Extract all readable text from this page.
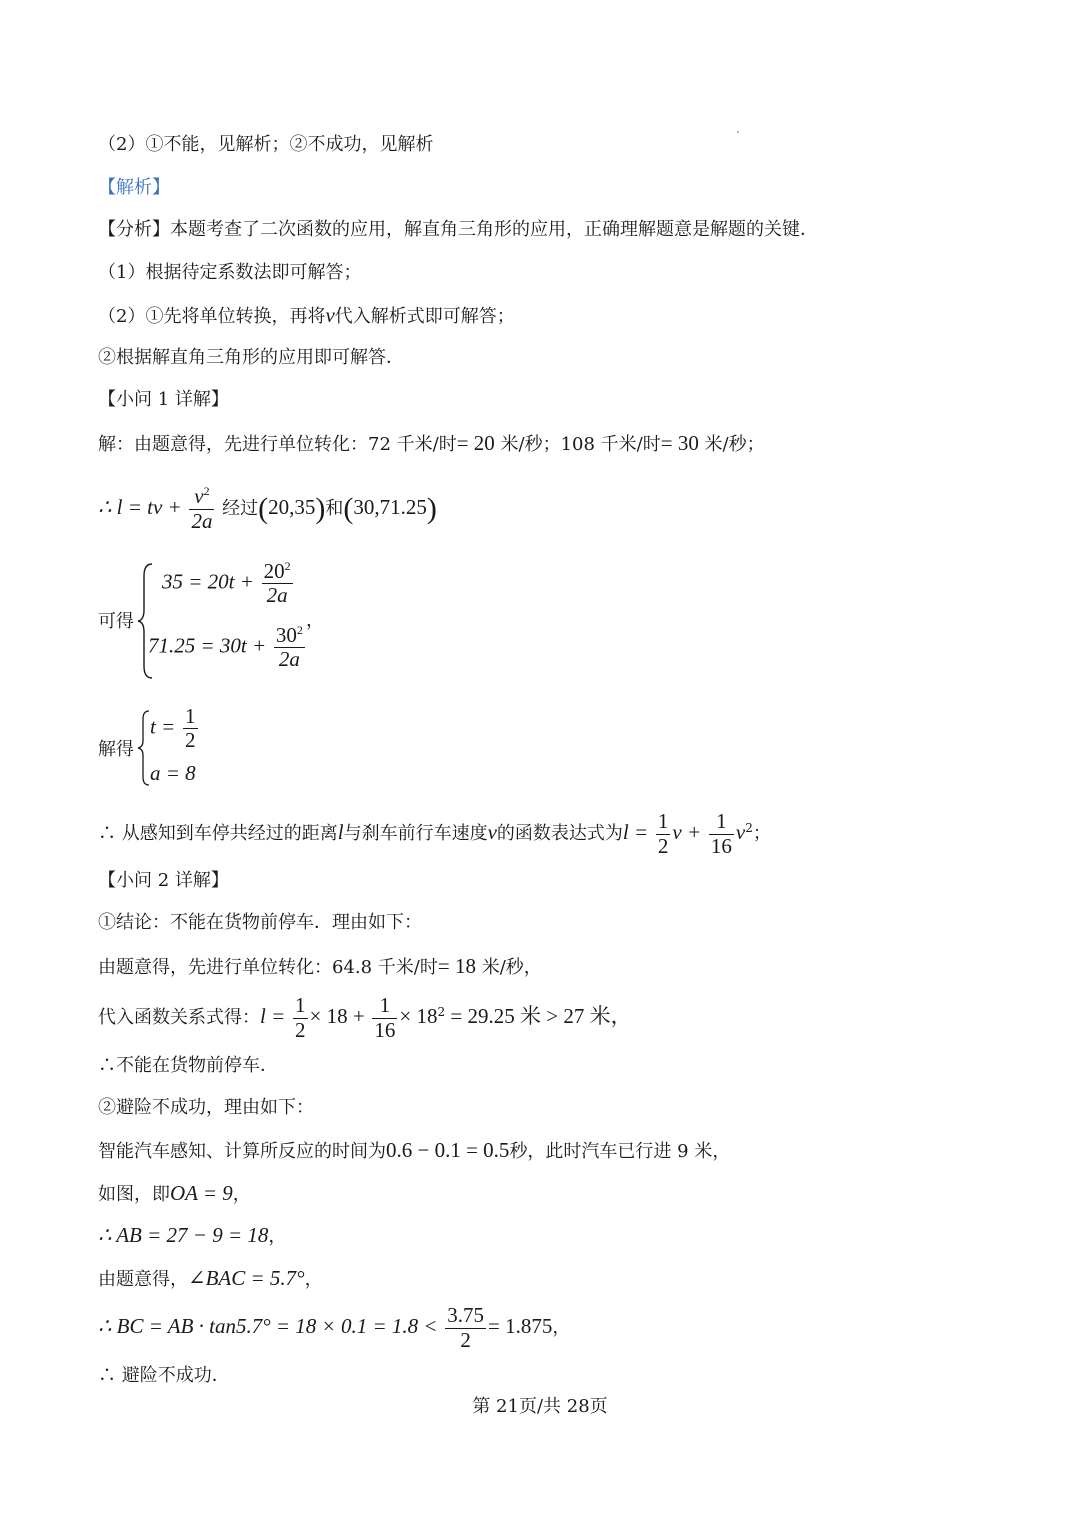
（2）①不能，见解析；②不成功，见解析
【解析】
【分析】本题考查了二次函数的应用，解直角三角形的应用，正确理解题意是解题的关键．
（1）根据待定系数法即可解答；
（2）①先将单位转换，再将v代入解析式即可解答；
②根据解直角三角形的应用即可解答．
【小问 1 详解】
解：由题意得，先进行单位转化：72 千米/时= 20 米/秒；108 千米/时= 30 米/秒；
∴ l = tv + $\frac{v^2}{2a}$ 经过(20,35)和(30,71.25)
可得
$35 = 20t + \frac{20^2}{2a}$
$71.25 = 30t + \frac{30^2}{2a}$
，
解得
$t = \frac{1}{2}$
a = 8
∴ 从感知到车停共经过的距离l与刹车前行车速度v的函数表达式为$l = \frac{1}{2}$ $v + \frac{1}{16} v^2$；
【小问 2 详解】
①结论：不能在货物前停车．理由如下：
由题意得，先进行单位转化：64.8 千米/时= 18 米/秒，
代入函数关系式得：$l = \frac{1}{2} \times 18 + \frac{1}{16} \times 18^2 = 29.25$ 米 > 27 米，
∴不能在货物前停车．
②避险不成功，理由如下：
智能汽车感知、计算所反应的时间为0.6 − 0.1 = 0.5秒，此时汽车已行进 9 米，
如图，即OA = 9，
∴ AB = 27 − 9 = 18，
由题意得，∠BAC = 5.7°，
∴ BC = AB · $\tan 5.7^\circ = 18 \times 0.1 = 1.8 < \frac{3.75}{2} = 1.875$，
∴ 避险不成功．
第 21页/共 28页
